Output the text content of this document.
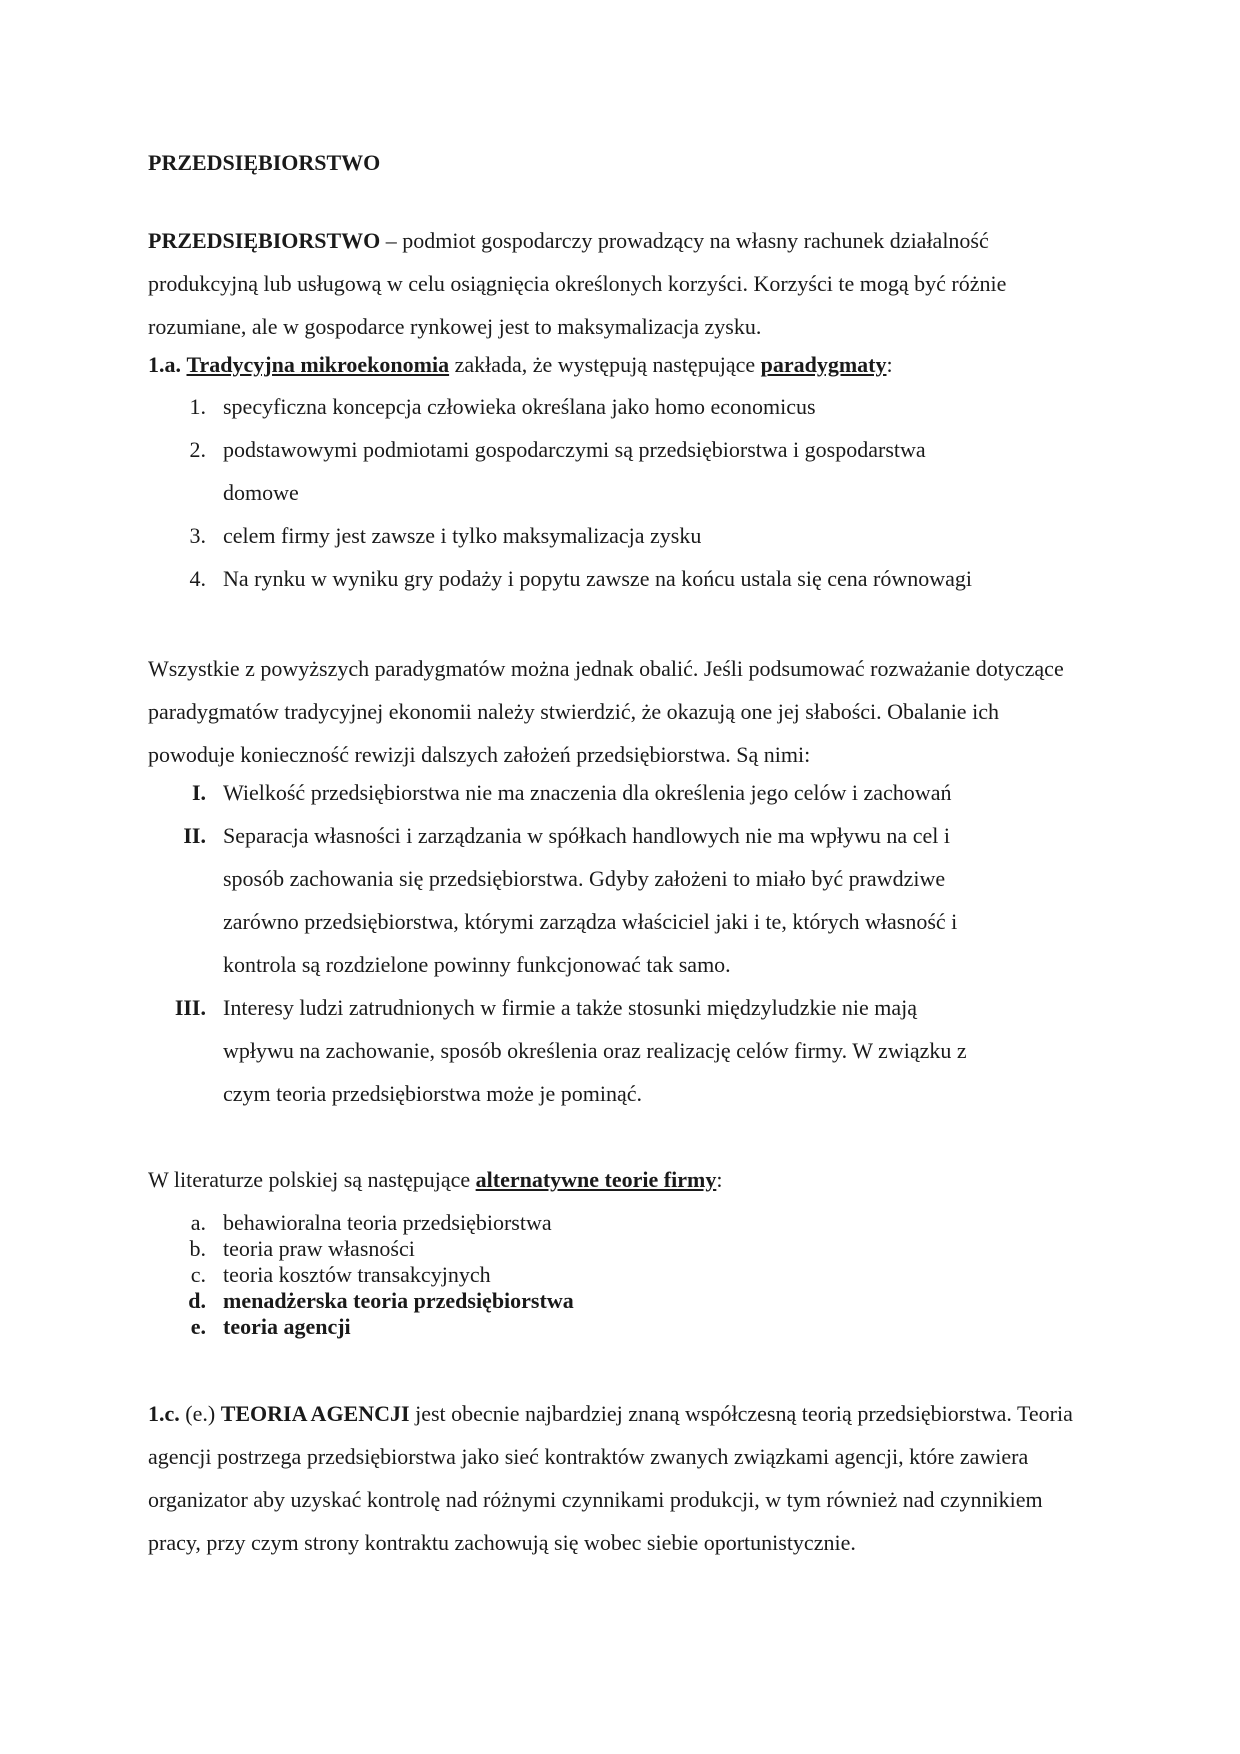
PRZEDSIĘBIORSTWO
PRZEDSIĘBIORSTWO – podmiot gospodarczy prowadzący na własny rachunek działalność produkcyjną lub usługową w celu osiągnięcia określonych korzyści. Korzyści te mogą być różnie rozumiane, ale w gospodarce rynkowej jest to maksymalizacja zysku.
1.a. Tradycyjna mikroekonomia zakłada, że występują następujące paradygmaty:
1. specyficzna koncepcja człowieka określana jako homo economicus
2. podstawowymi podmiotami gospodarczymi są przedsiębiorstwa i gospodarstwa
domowe
3. celem firmy jest zawsze i tylko maksymalizacja zysku
4. Na rynku w wyniku gry podaży i popytu zawsze na końcu ustala się cena równowagi
Wszystkie z powyższych paradygmatów można jednak obalić. Jeśli podsumować rozważanie dotyczące paradygmatów tradycyjnej ekonomii należy stwierdzić, że okazują one jej słabości. Obalanie ich powoduje konieczność rewizji dalszych założeń przedsiębiorstwa. Są nimi:
I. Wielkość przedsiębiorstwa nie ma znaczenia dla określenia jego celów i zachowań
II. Separacja własności i zarządzania w spółkach handlowych nie ma wpływu na cel i
sposób zachowania się przedsiębiorstwa. Gdyby założeni to miało być prawdziwe
zarówno przedsiębiorstwa, którymi zarządza właściciel jaki i te, których własność i
kontrola są rozdzielone powinny funkcjonować tak samo.
III. Interesy ludzi zatrudnionych w firmie a także stosunki międzyludzkie nie mają
wpływu na zachowanie, sposób określenia oraz realizację celów firmy. W związku z
czym teoria przedsiębiorstwa może je pominąć.
W literaturze polskiej są następujące alternatywne teorie firmy:
a. behawioralna teoria przedsiębiorstwa
b. teoria praw własności
c. teoria kosztów transakcyjnych
d. menadżerska teoria przedsiębiorstwa
e. teoria agencji
1.c. (e.) TEORIA AGENCJI jest obecnie najbardziej znaną współczesną teorią przedsiębiorstwa. Teoria agencji postrzega przedsiębiorstwa jako sieć kontraktów zwanych związkami agencji, które zawiera organizator aby uzyskać kontrolę nad różnymi czynnikami produkcji, w tym również nad czynnikiem pracy, przy czym strony kontraktu zachowują się wobec siebie oportunistycznie.
